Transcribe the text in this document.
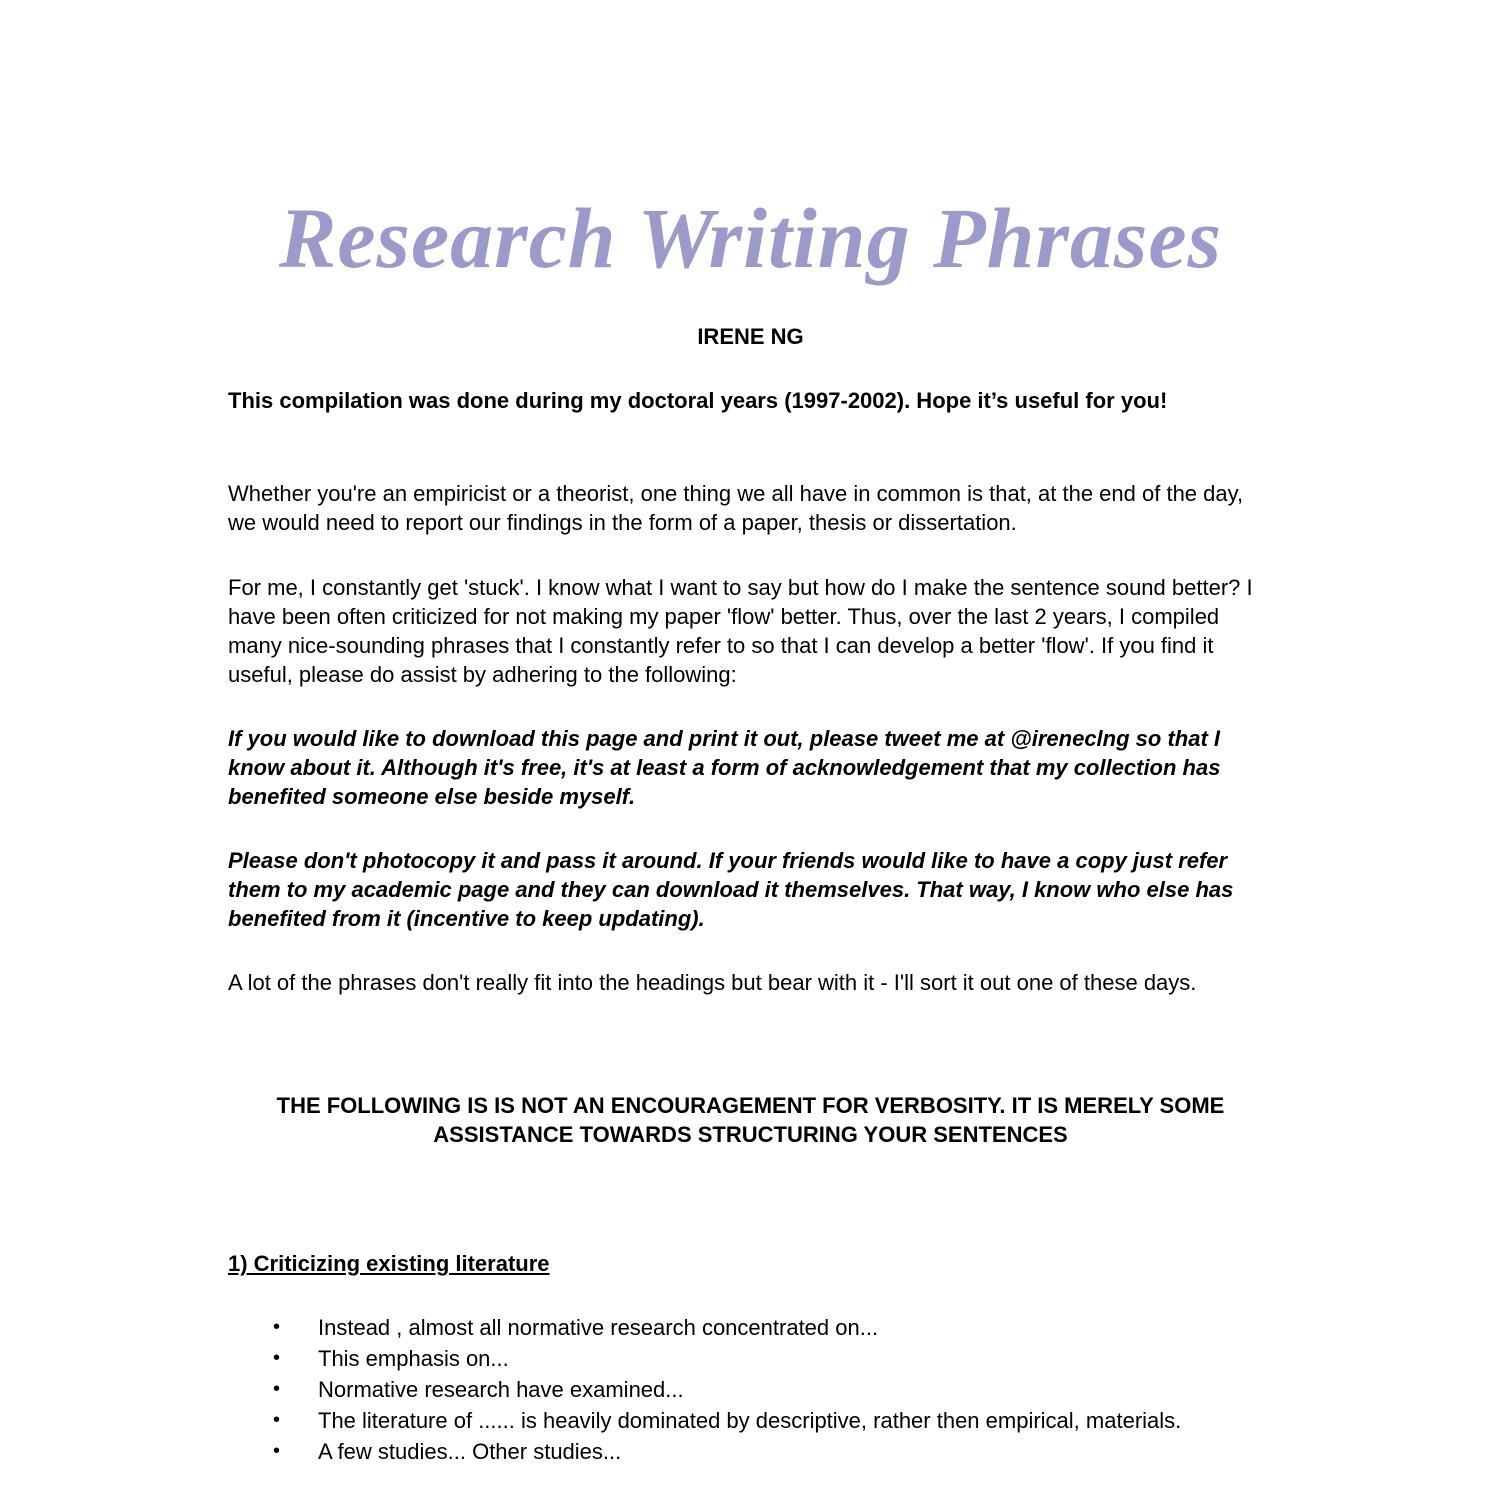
Research Writing Phrases

IRENE NG

This compilation was done during my doctoral years (1997-2002). Hope it’s useful for you!

Whether you're an empiricist or a theorist, one thing we all have in common is that, at the end of the day, we would need to report our findings in the form of a paper, thesis or dissertation.

For me, I constantly get 'stuck'. I know what I want to say but how do I make the sentence sound better? I have been often criticized for not making my paper 'flow' better. Thus, over the last 2 years, I compiled many nice-sounding phrases that I constantly refer to so that I can develop a better 'flow'. If you find it useful, please do assist by adhering to the following:

If you would like to download this page and print it out, please tweet me at @ireneclng so that I know about it. Although it's free, it's at least a form of acknowledgement that my collection has benefited someone else beside myself.

Please don't photocopy it and pass it around. If your friends would like to have a copy just refer them to my academic page and they can download it themselves. That way, I know who else has benefited from it (incentive to keep updating).

A lot of the phrases don't really fit into the headings but bear with it - I'll sort it out one of these days.

THE FOLLOWING IS IS NOT AN ENCOURAGEMENT FOR VERBOSITY. IT IS MERELY SOME ASSISTANCE TOWARDS STRUCTURING YOUR SENTENCES

1) Criticizing existing literature
• Instead , almost all normative research concentrated on...
• This emphasis on...
• Normative research have examined...
• The literature of ...... is heavily dominated by descriptive, rather then empirical, materials.
• A few studies... Other studies...
